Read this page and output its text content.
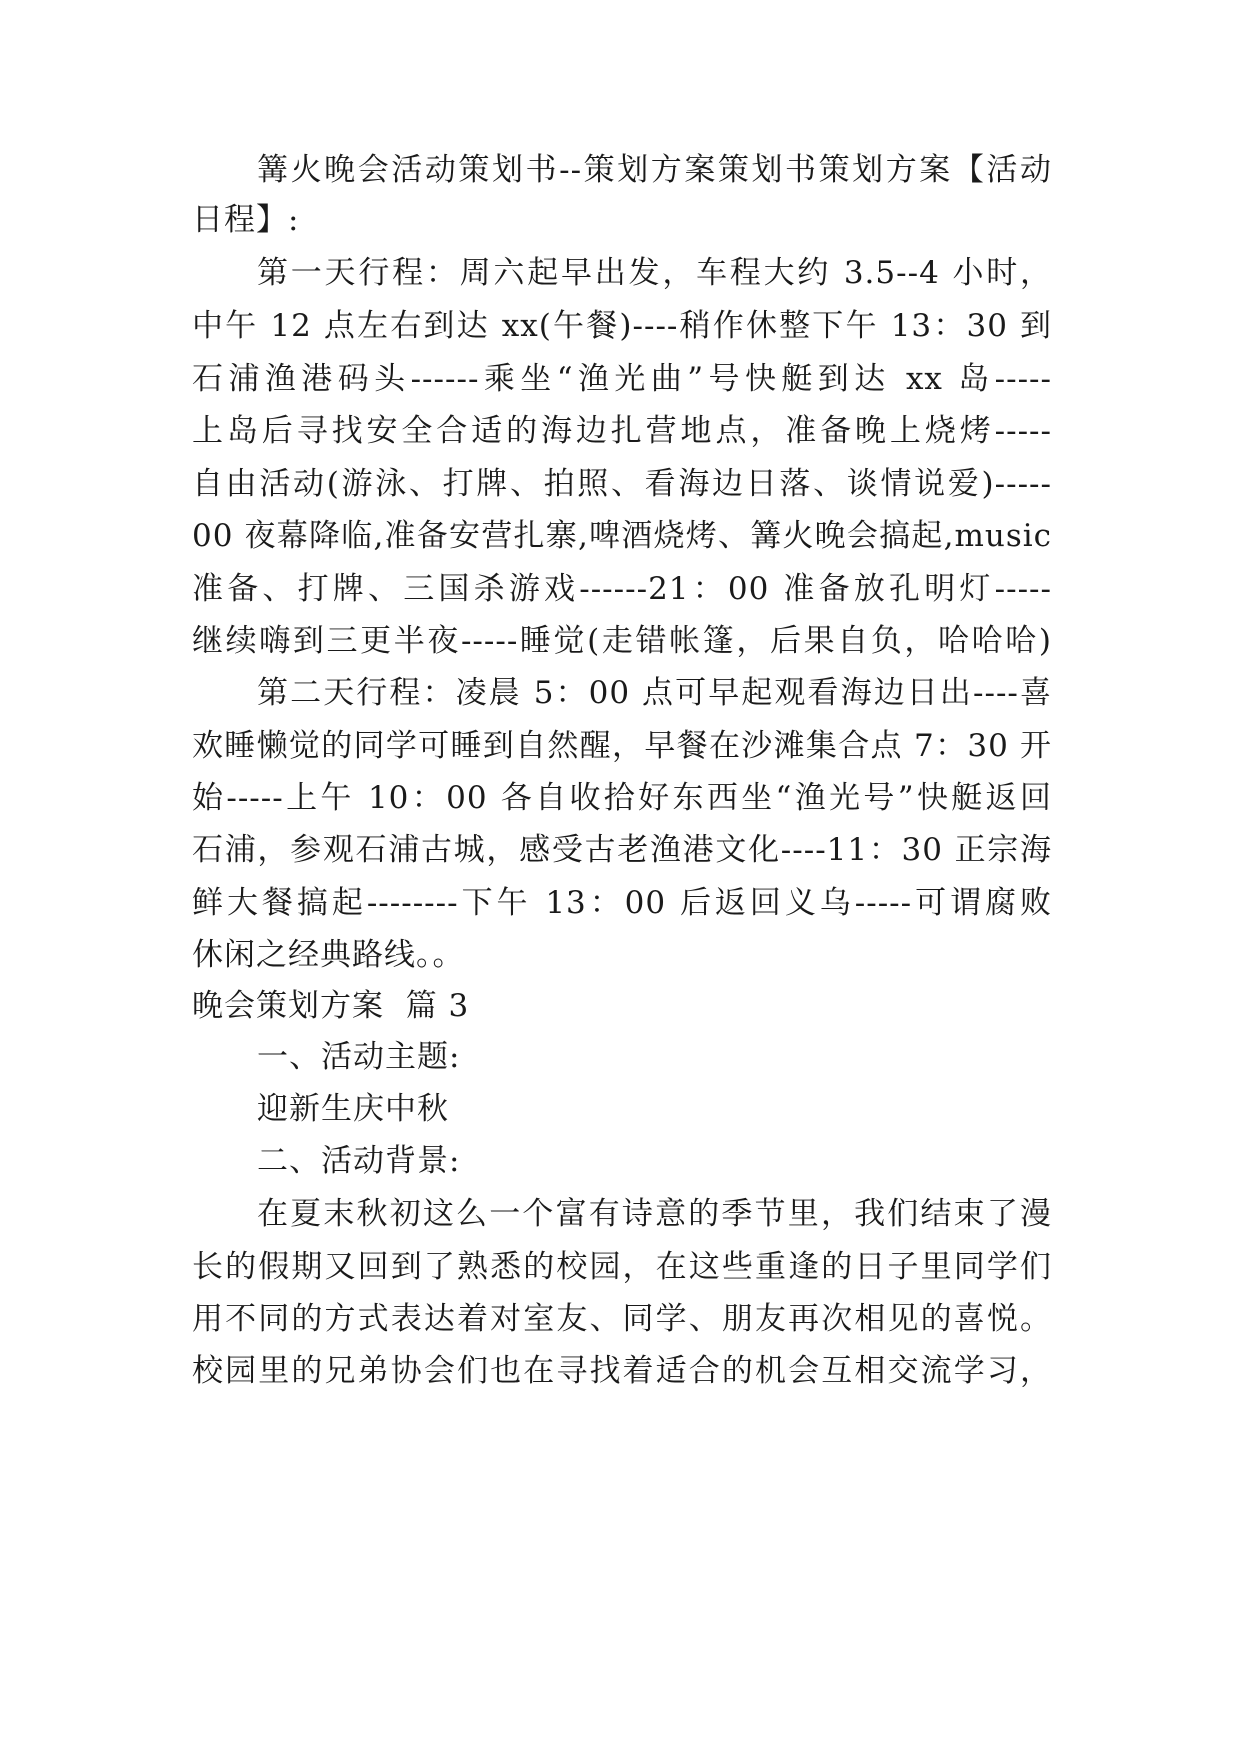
篝火晚会活动策划书--策划方案策划书策划方案【活动
日程】:
第一天行程：周六起早出发，车程大约 3.5--4 小时，
中午 12 点左右到达 xx(午餐)----稍作休整下午 13：30 到
石浦渔港码头------乘坐“渔光曲”号快艇到达 xx 岛-----
上岛后寻找安全合适的海边扎营地点，准备晚上烧烤-----
自由活动(游泳、打牌、拍照、看海边日落、谈情说爱)-----
00 夜幕降临,准备安营扎寨,啤酒烧烤、篝火晚会搞起,music
准备、打牌、三国杀游戏------21：00 准备放孔明灯-----
继续嗨到三更半夜-----睡觉(走错帐篷，后果自负，哈哈哈)
第二天行程：凌晨 5：00 点可早起观看海边日出----喜
欢睡懒觉的同学可睡到自然醒，早餐在沙滩集合点 7：30 开
始-----上午 10：00 各自收拾好东西坐“渔光号”快艇返回
石浦，参观石浦古城，感受古老渔港文化----11：30 正宗海
鲜大餐搞起--------下午 13：00 后返回义乌-----可谓腐败
休闲之经典路线。。
晚会策划方案  篇 3
一、活动主题:
迎新生庆中秋
二、活动背景:
在夏末秋初这么一个富有诗意的季节里，我们结束了漫
长的假期又回到了熟悉的校园，在这些重逢的日子里同学们
用不同的方式表达着对室友、同学、朋友再次相见的喜悦。
校园里的兄弟协会们也在寻找着适合的机会互相交流学习，
